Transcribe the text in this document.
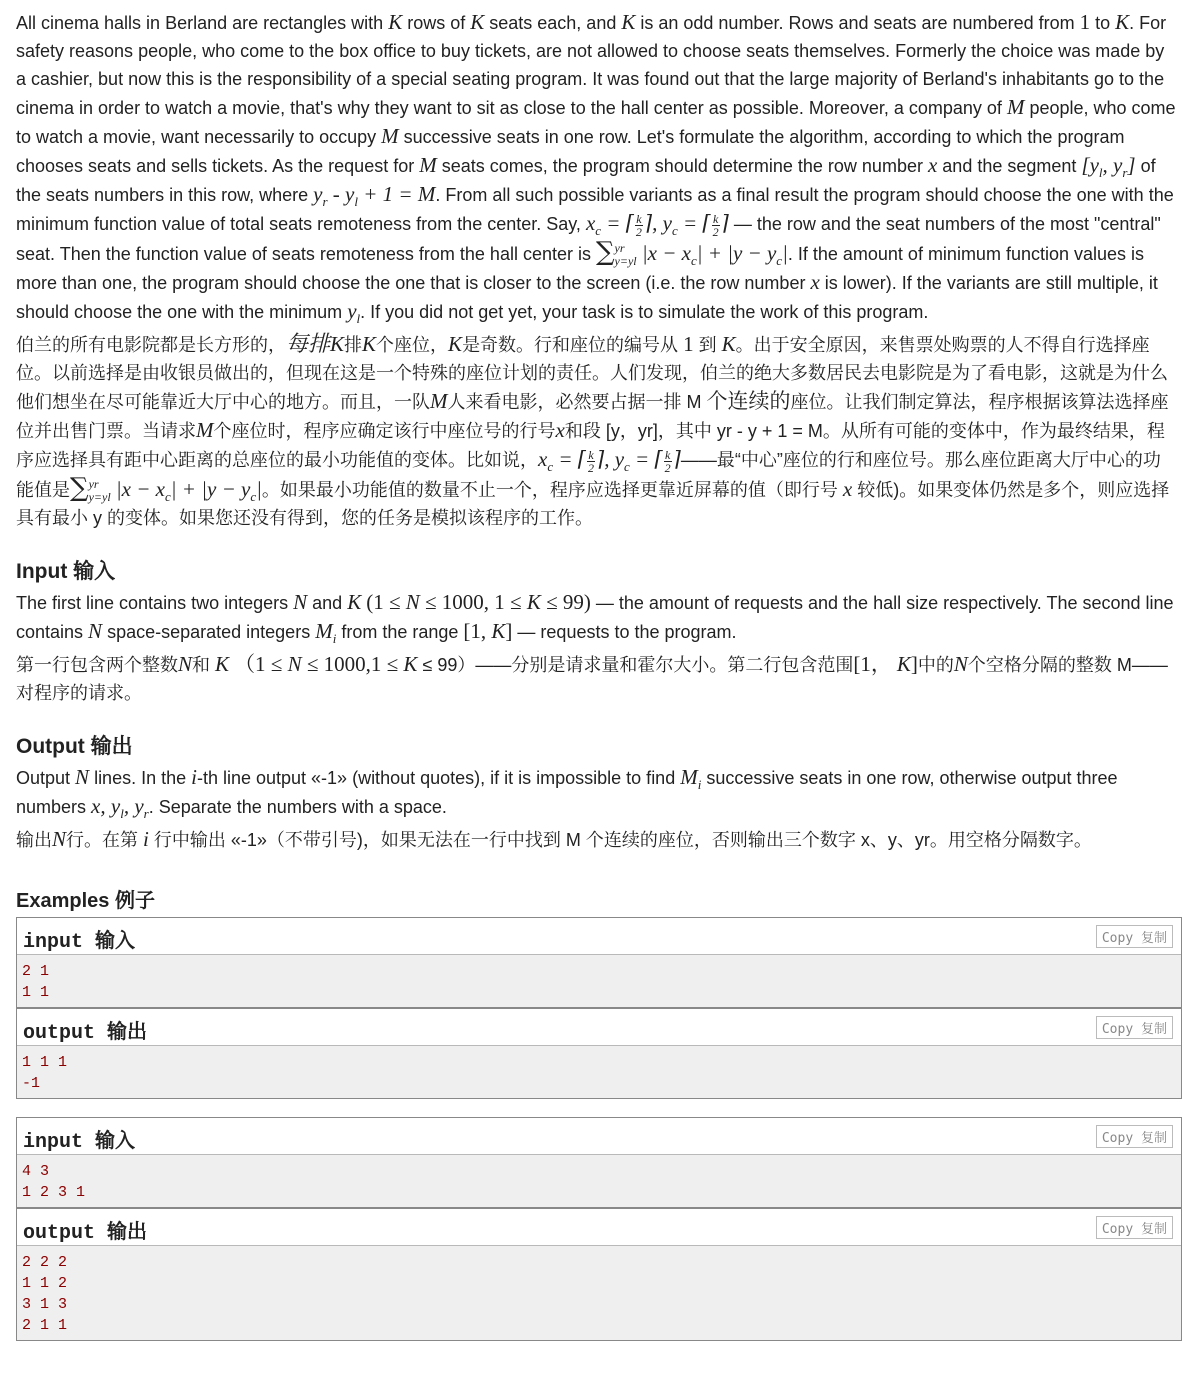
All cinema halls in Berland are rectangles with K rows of K seats each, and K is an odd number. Rows and seats are numbered from 1 to K. For safety reasons people, who come to the box office to buy tickets, are not allowed to choose seats themselves. Formerly the choice was made by a cashier, but now this is the responsibility of a special seating program. It was found out that the large majority of Berland's inhabitants go to the cinema in order to watch a movie, that's why they want to sit as close to the hall center as possible. Moreover, a company of M people, who come to watch a movie, want necessarily to occupy M successive seats in one row. Let's formulate the algorithm, according to which the program chooses seats and sells tickets. As the request for M seats comes, the program should determine the row number x and the segment [$y_l$, $y_r$] of the seats numbers in this row, where $y_r - y_l + 1 = M$. From all such possible variants as a final result the program should choose the one with the minimum function value of total seats remoteness from the center. Say, $x_c$ = ⌈ $\frac{k}{2}$ ⌉, $y_c$ = ⌈ $\frac{k}{2}$ ⌉ — the row and the seat numbers of the most "central" seat. Then the function value of seats remoteness from the hall center is ∑ yr
y=yl $|x - x_c| + |y - y_c|$. If the amount of minimum function values is more than one, the program should choose the one that is closer to the screen (i.e. the row number x is lower). If the variants are still multiple, it should choose the one with the minimum $y_l$. If you did not get yet, your task is to simulate the work of this program.

伯兰的所有电影院都是长方形的，每排K排K个座位，K是奇数。行和座位的编号从 1 到 K。出于安全原因，来售票处购票的人不得自行选择座位。以前选择是由收银员做出的，但现在这是一个特殊的座位计划的责任。人们发现，伯兰的绝大多数居民去电影院是为了看电影，这就是为什么他们想坐在尽可能靠近大厅中心的地方。而且，一队M人来看电影，必然要占据一排 M 个连续的座位。让我们制定算法，程序根据该算法选择座位并出售门票。当请求M个座位时，程序应确定该行中座位号的行号x和段 [y，yr]，其中 yr - y + 1 = M。从所有可能的变体中，作为最终结果，程序应选择具有距中心距离的总座位的最小功能值的变体。比如说，$x_c$ = ⌈ $\frac{k}{2}$ ⌉, $y_c$ = ⌈ $\frac{k}{2}$ ⌉——最“中心”座位的行和座位号。那么座位距离大厅中心的功能值是∑ yr
y=yl $|x - x_c| + |y - y_c|$。如果最小功能值的数量不止一个，程序应选择更靠近屏幕的值（即行号 x 较低)。如果变体仍然是多个，则应选择具有最小 y 的变体。如果您还没有得到，您的任务是模拟该程序的工作。

Input 输入

The first line contains two integers N and K (1 ≤ N ≤ 1000, 1 ≤ K ≤ 99) — the amount of requests and the hall size respectively. The second line contains N space-separated integers $M_i$ from the range [1, K] — requests to the program.

第一行包含两个整数N和 K （1 ≤ N ≤ 1000,1 ≤ K ≤ 99）——分别是请求量和霍尔大小。第二行包含范围[1， K]中的N个空格分隔的整数 M——对程序的请求。

Output 输出

Output N lines. In the i-th line output «-1» (without quotes), if it is impossible to find $M_i$ successive seats in one row, otherwise output three numbers x, $y_l$, $y_r$. Separate the numbers with a space.

输出N行。在第 i 行中输出 «-1»（不带引号)，如果无法在一行中找到 M 个连续的座位，否则输出三个数字 x、y、yr。用空格分隔数字。

Examples 例子
input 输入	Copy 复制
2 1
1 1
output 输出	Copy 复制
1 1 1
-1
input 输入	Copy 复制
4 3
1 2 3 1
output 输出	Copy 复制
2 2 2
1 1 2
3 1 3
2 1 1
